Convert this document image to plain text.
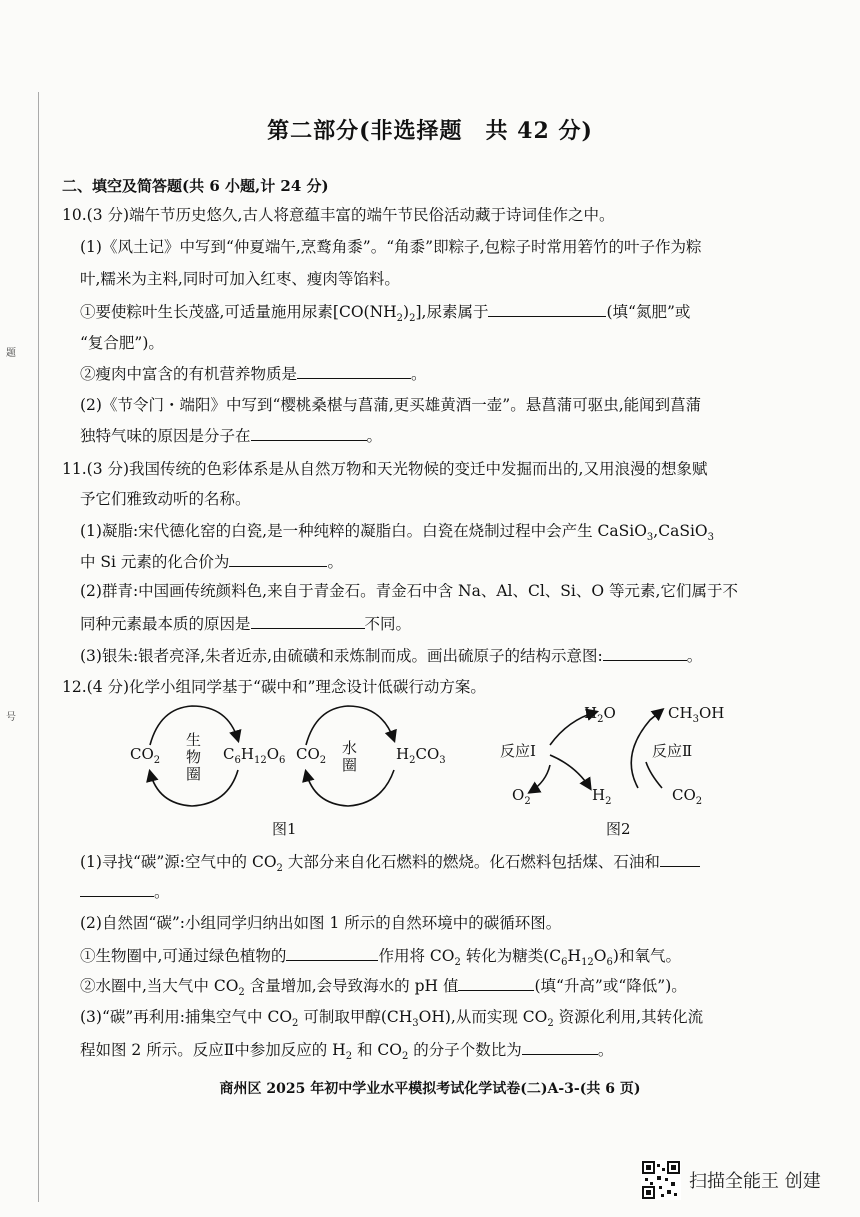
题
号
第二部分(非选择题　共 42 分)
二、填空及简答题(共 6 小题,计 24 分)
10.(3 分)端午节历史悠久,古人将意蕴丰富的端午节民俗活动藏于诗词佳作之中。
(1)《风土记》中写到“仲夏端午,烹鹜角黍”。“角黍”即粽子,包粽子时常用箬竹的叶子作为粽
叶,糯米为主料,同时可加入红枣、瘦肉等馅料。
①要使粽叶生长茂盛,可适量施用尿素$[CO(NH_2)_2]$,尿素属于	(填“氮肥”或
“复合肥”)。
②瘦肉中富含的有机营养物质是	。
(2)《节令门・端阳》中写到“樱桃桑椹与菖蒲,更买雄黄酒一壶”。悬菖蒲可驱虫,能闻到菖蒲
独特气味的原因是分子在	。
11.(3 分)我国传统的色彩体系是从自然万物和天光物候的变迁中发掘而出的,又用浪漫的想象赋
予它们雅致动听的名称。
(1)凝脂:宋代德化窑的白瓷,是一种纯粹的凝脂白。白瓷在烧制过程中会产生 CaSiO$_3$,CaSiO$_3$
中 Si 元素的化合价为	。
(2)群青:中国画传统颜料色,来自于青金石。青金石中含 Na、Al、Cl、Si、O 等元素,它们属于不
同种元素最本质的原因是	不同。
(3)银朱:银者亮泽,朱者近赤,由硫磺和汞炼制而成。画出硫原子的结构示意图:	。
12.(4 分)化学小组同学基于“碳中和”理念设计低碳行动方案。
$CO_2$
生
物
圈
$C_6H_{12}O_6$ $CO_2$
水
圈
$H_2CO_3$
图1
$H_2O$	$CH_3OH$
反应Ⅰ	反应Ⅱ
$O_2$	$H_2$	$CO_2$
图2
(1)寻找“碳”源:空气中的 $CO_2$ 大部分来自化石燃料的燃烧。化石燃料包括煤、石油和
。
(2)自然固“碳”:小组同学归纳出如图 1 所示的自然环境中的碳循环图。
①生物圈中,可通过绿色植物的	作用将 $CO_2$ 转化为糖类$(C_6H_{12}O_6)$和氧气。
②水圈中,当大气中 $CO_2$ 含量增加,会导致海水的 pH 值	(填“升高”或“降低”)。
(3)“碳”再利用:捕集空气中 $CO_2$ 可制取甲醇$(CH_3OH)$,从而实现 $CO_2$ 资源化利用,其转化流
程如图 2 所示。反应Ⅱ中参加反应的 $H_2$ 和 $CO_2$ 的分子个数比为	。
商州区 2025 年初中学业水平模拟考试化学试卷(二)A-3-(共 6 页)
扫描全能王 创建
